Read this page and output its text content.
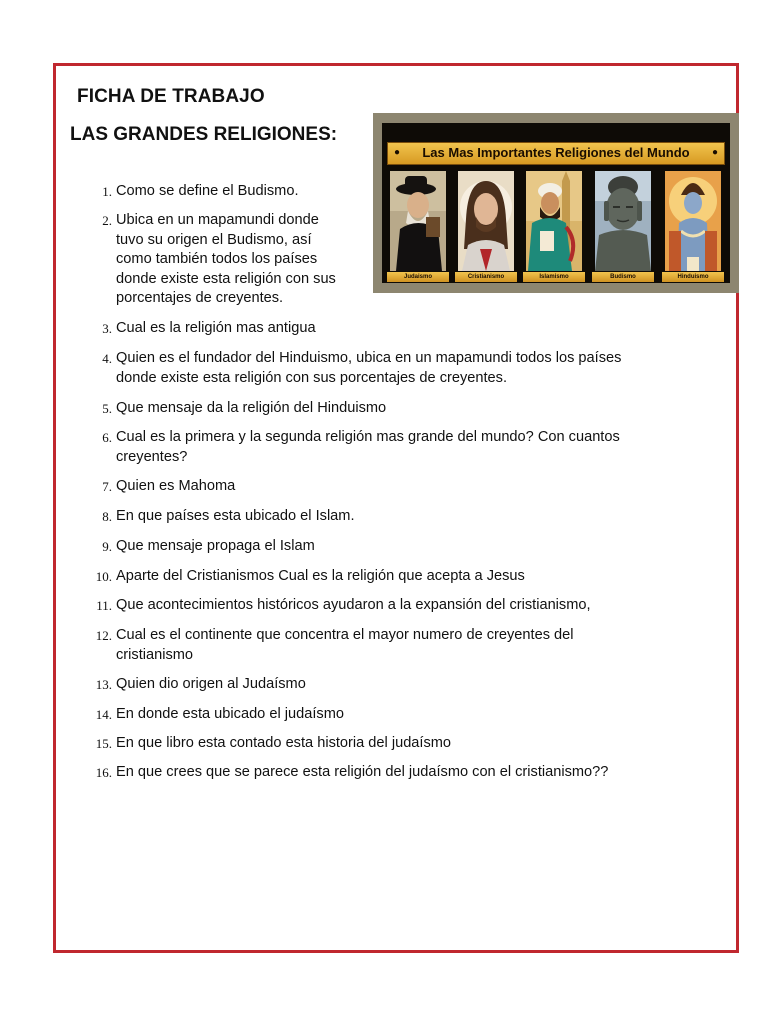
FICHA DE TRABAJO
LAS GRANDES RELIGIONES:
● Las Mas Importantes Religiones del Mundo ●
Judaismo	Cristianismo	Islamismo	Budismo	Hinduismo
1. Como se define el Budismo.
2. Ubica en un mapamundi donde
tuvo su origen el Budismo, así
como también todos los países
donde existe esta religión con sus
porcentajes de creyentes.
3. Cual es la religión mas antigua
4. Quien es el fundador del Hinduismo, ubica en un mapamundi todos los países
donde existe esta religión con sus porcentajes de creyentes.
5. Que mensaje da la religión del Hinduismo
6. Cual es la primera y la segunda religión mas grande del mundo? Con cuantos
creyentes?
7. Quien es Mahoma
8. En que países esta ubicado el Islam.
9. Que mensaje propaga el Islam
10. Aparte del Cristianismos Cual es la religión que acepta a Jesus
11. Que acontecimientos históricos ayudaron a la expansión del cristianismo,
12. Cual es el continente que concentra el mayor numero de creyentes del
cristianismo
13. Quien dio origen al Judaísmo
14. En donde esta ubicado el judaísmo
15. En que libro esta contado esta historia del judaísmo
16. En que crees que se parece esta religión del judaísmo con el cristianismo??
